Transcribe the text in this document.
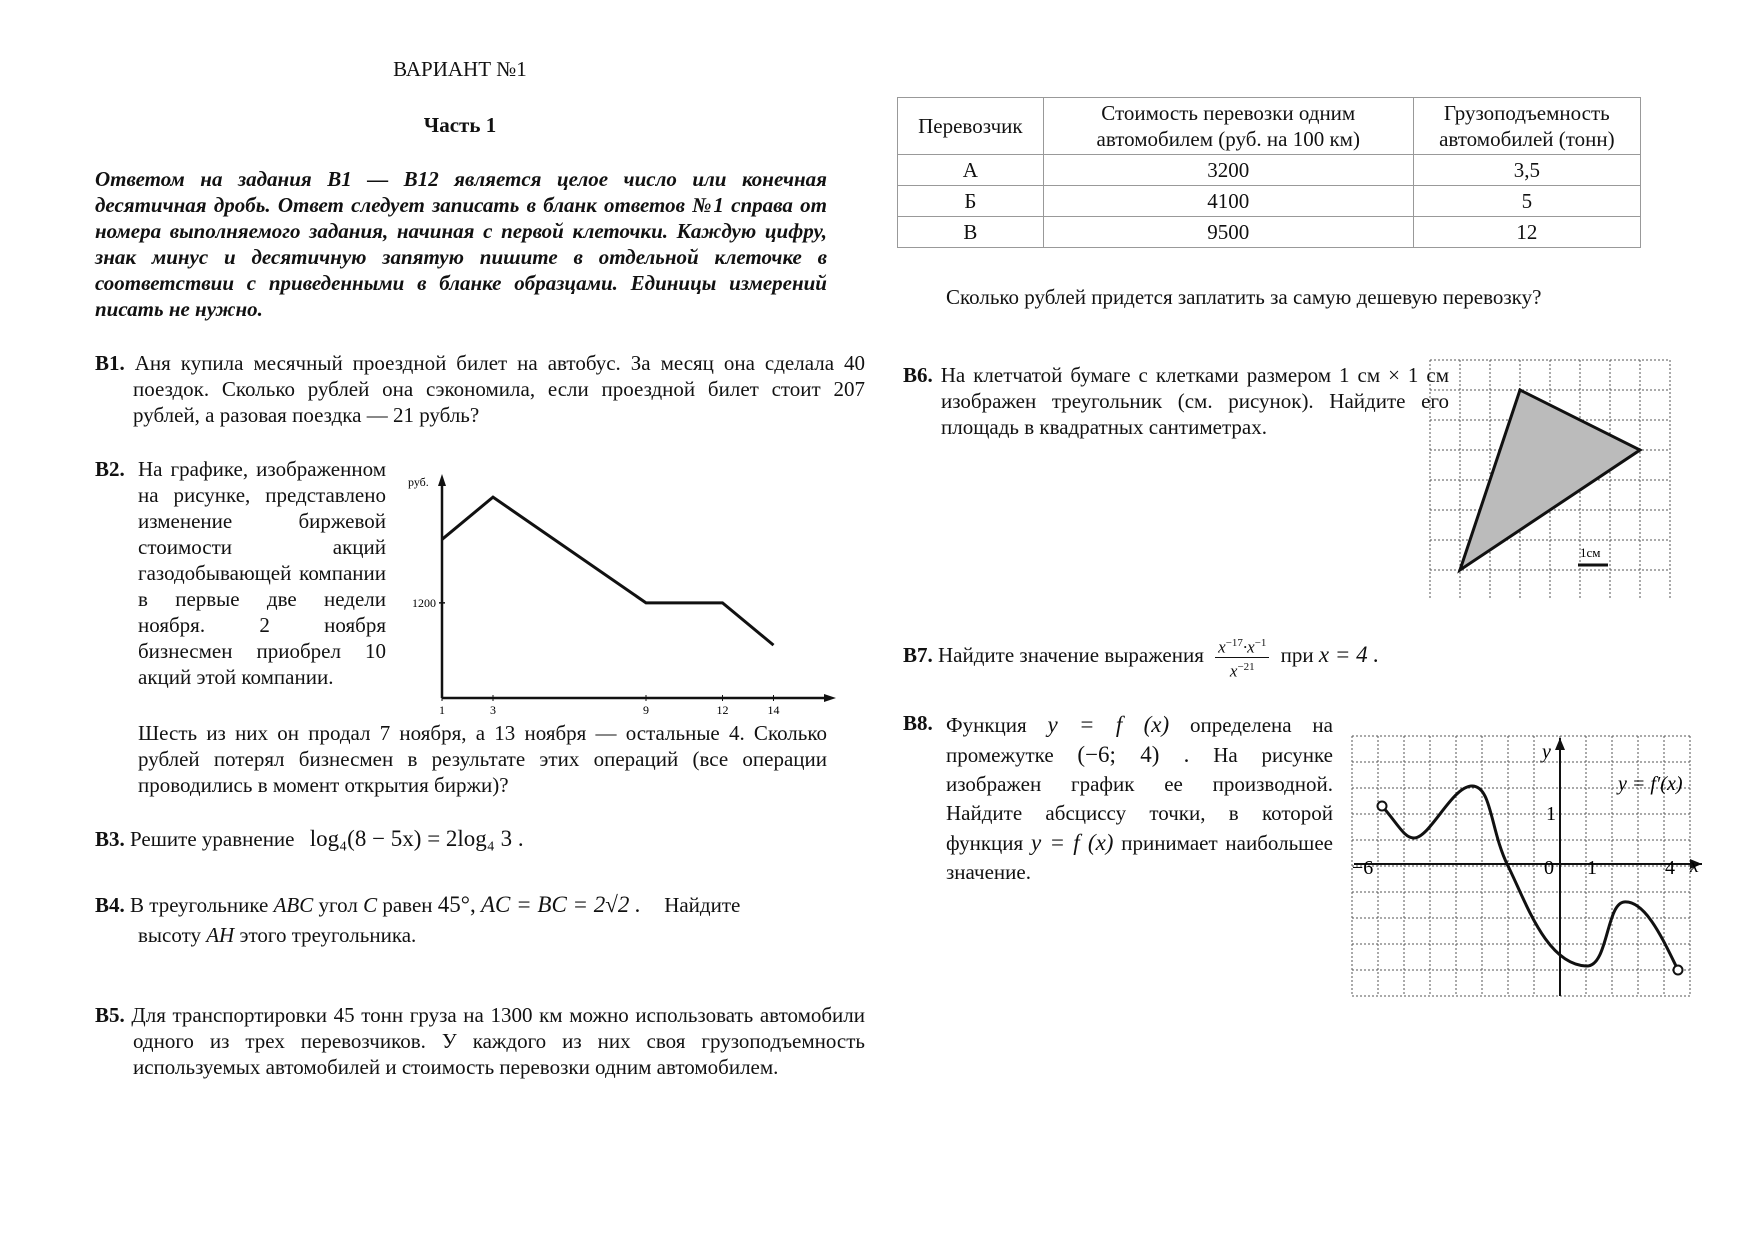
ВАРИАНТ №1
Часть 1
Ответом на задания B1 — B12 является целое число или конечная десятичная дробь. Ответ следует записать в бланк ответов №1 справа от номера выполняемого задания, начиная с первой клеточки. Каждую цифру, знак минус и десятичную запятую пишите в отдельной клеточке в соответствии с приведенными в бланке образцами. Единицы измерений писать не нужно.
B1. Аня купила месячный проездной билет на автобус. За месяц она сделала 40 поездок. Сколько рублей она сэкономила, если проездной билет стоит 207 рублей, а разовая поездка — 21 рубль?
B2. На графике, изображенном на рисунке, представлено изменение биржевой стоимости акций газодобывающей компании в первые две недели ноября. 2 ноября бизнесмен приобрел 10 акций этой компании.
Шесть из них он продал 7 ноября, а 13 ноября — остальные 4. Сколько рублей потерял бизнесмен в результате этих операций (все операции проводились в момент открытия биржи)?
руб.
1	3	9	12	14
1200
B3. Решите уравнение log₄(8 − 5x) = 2log₄ 3 .
B4. В треугольнике ABC угол C равен 45°, AC = BC = 2√2 . Найдите
высоту AH этого треугольника.
B5. Для транспортировки 45 тонн груза на 1300 км можно использовать автомобили одного из трех перевозчиков. У каждого из них своя грузоподъемность используемых автомобилей и стоимость перевозки одним автомобилем.
Перевозчик	Стоимость перевозки одним автомобилем (руб. на 100 км)	Грузоподъемность автомобилей (тонн)
А	3200	3,5
Б	4100	5
В	9500	12
Сколько рублей придется заплатить за самую дешевую перевозку?
B6. На клетчатой бумаге с клетками размером 1 см × 1 см изображен треугольник (см. рисунок). Найдите его площадь в квадратных сантиметрах.
1см
B7. Найдите значение выражения $\frac{x^{-17}\cdot x^{-1}}{x^{-21}}$ при x = 4 .
B8. Функция y = f (x) определена на промежутке (−6; 4) . На рисунке изображен график ее производной. Найдите абсциссу точки, в которой функция y = f (x) принимает наибольшее значение.
y
x
y = f′(x)
−6	0 1	4
1
